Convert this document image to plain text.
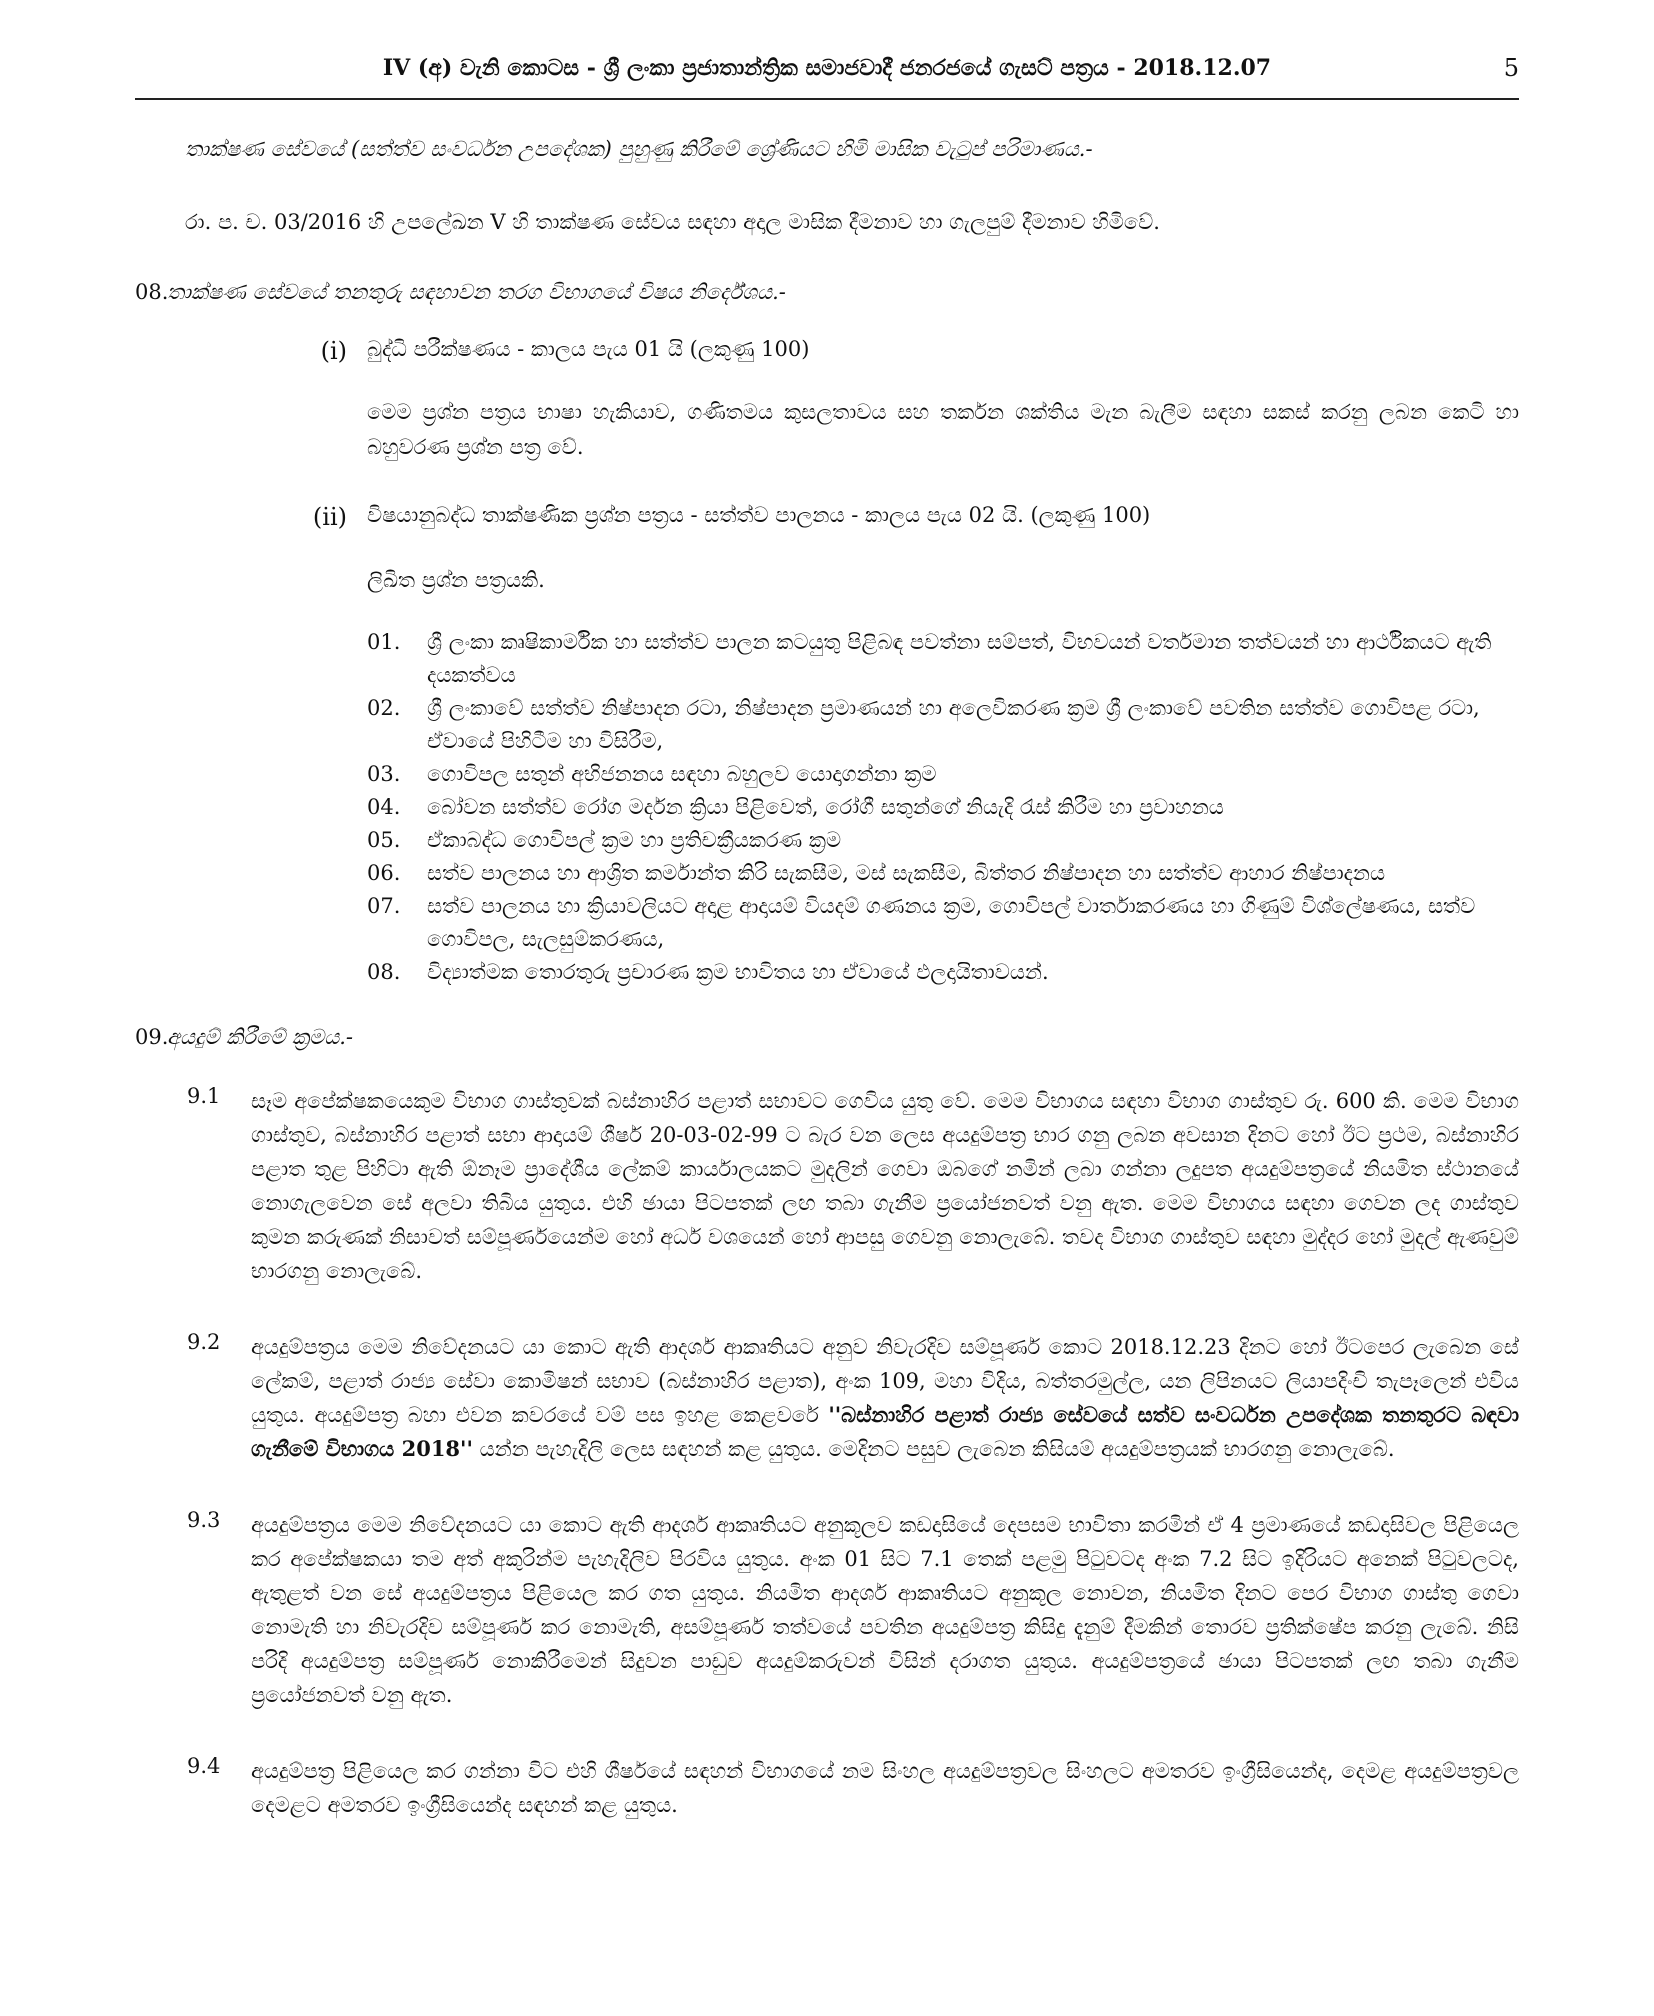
IV (අ) වැනි කොටස - ශ්‍රී ලංකා ප්‍රජාතාන්ත්‍රික සමාජවාදී ජනරජයේ ගැසට් පත්‍රය - 2018.12.07	5

තාක්ෂණ සේවයේ (සත්ත්ව සංවර්ධන උපදේශක) පුහුණු කිරීමේ ශ්‍රේණියට හිමි මාසික වැටුප් පරිමාණය.-

රා. ප. ච. 03/2016 හි උපලේඛන V හි තාක්ෂණ සේවය සඳහා අදාල මාසික දීමනාව හා ගැලපුම් දීමනාව හිමිවේ.

08.
තාක්ෂණ සේවයේ තනතුරු සඳහාවන තරග විභාගයේ විෂය නිර්දේශය.-
(i) බුද්ධි පරීක්ෂණය - කාලය පැය 01 යි (ලකුණු 100)

මෙම ප්‍රශ්න පත්‍රය භාෂා හැකියාව, ගණිතමය කුසලතාවය සහ තර්කන ශක්තිය මැන බැලීම සඳහා සකස් කරනු ලබන කෙටි හා බහුවරණ ප්‍රශ්න පත්‍ර වේ.

(ii) විෂයානුබද්ධ තාක්ෂණික ප්‍රශ්න පත්‍රය - සත්ත්ව පාලනය - කාලය පැය 02 යි. (ලකුණු 100)

ලිඛිත ප්‍රශ්න පත්‍රයකි.

01.	ශ්‍රී ලංකා කෘෂිකාර්මික හා සත්ත්ව පාලන කටයුතු පිළිබඳ පවත්නා සම්පත්, විභවයන් වර්තමාන තත්වයන් හා ආර්ථිකයට ඇති දයකත්වය
02.	ශ්‍රී ලංකාවේ සත්ත්ව නිෂ්පාදන රටා, නිෂ්පාදන ප්‍රමාණයන් හා අලෙවිකරණ ක්‍රම ශ්‍රී ලංකාවේ පවතින සත්ත්ව ගොවිපළ රටා, ඒවායේ පිහිටීම හා විසිරීම,
03.	ගොවිපල සතුන් අභිජනනය සඳහා බහුලව යොදාගන්නා ක්‍රම
04.	බෝවන සත්ත්ව රෝග මර්දන ක්‍රියා පිළිවෙත්, රෝගී සතුන්ගේ නියැදි රැස් කිරීම හා ප්‍රවාහනය
05.	ඒකාබද්ධ ගොවිපල් ක්‍රම හා ප්‍රතිචක්‍රීයකරණ ක්‍රම
06.	සත්ව පාලනය හා ආශ්‍රිත කර්මාන්ත කිරි සැකසීම, මස් සැකසීම, බිත්තර නිෂ්පාදන හා සත්ත්ව ආහාර නිෂ්පාදනය
07.	සත්ව පාලනය හා ක්‍රියාවලියට අදාළ ආදායම් වියදම් ගණනය ක්‍රම, ගොවිපල් වාර්තාකරණය හා ගිණුම් විශ්ලේෂණය, සත්ව ගොවිපල, සැලසුම්කරණය,
08.	විද්‍යාත්මක තොරතුරු ප්‍රචාරණ ක්‍රම භාවිතය හා ඒවායේ ඵලදායිතාවයන්.
09.
අයදුම් කිරීමේ ක්‍රමය.-
9.1	සෑම අපේක්ෂකයෙකුම විභාග ගාස්තුවක් බස්නාහිර පළාත් සභාවට ගෙවිය යුතු වේ. මෙම විභාගය සඳහා විභාග ගාස්තුව රු. 600 කි. මෙම විභාග ගාස්තුව, බස්නාහිර පළාත් සභා ආදායම් ශීර්ෂ 20-03-02-99 ට බැර වන ලෙස අයදුම්පත්‍ර භාර ගනු ලබන අවසාන දිනට හෝ ඊට ප්‍රථම, බස්නාහිර පළාත තුළ පිහිටා ඇති ඕනෑම ප්‍රාදේශීය ලේකම් කාර්යාලයකට මුදලින් ගෙවා ඔබගේ නමින් ලබා ගන්නා ලදුපත අයදුම්පත්‍රයේ නියමිත ස්ථානයේ නොගැලවෙන සේ අලවා තිබිය යුතුය. එහි ඡායා පිටපතක් ලඟ තබා ගැනීම ප්‍රයෝජනවත් වනු ඇත. මෙම විභාගය සඳහා ගෙවන ලද ගාස්තුව කුමන කරුණක් නිසාවත් සම්පූර්ණයෙන්ම හෝ අර්ධ වශයෙන් හෝ ආපසු ගෙවනු නොලැබේ. තවද විභාග ගාස්තුව සඳහා මුද්දර හෝ මුදල් ඇණවුම් භාරගනු නොලැබේ.
9.2	අයදුම්පත්‍රය මෙම නිවේදනයට යා කොට ඇති ආදර්ශ ආකෘතියට අනුව නිවැරදිව සම්පූර්ණ කොට 2018.12.23 දිනට හෝ ඊටපෙර ලැබෙන සේ ලේකම්, පළාත් රාජ්‍ය සේවා කොමිෂන් සභාව (බස්නාහිර පළාත), අංක 109, මහා විදිය, බත්තරමුල්ල, යන ලිපිනයට ලියාපදිංචි තැපෑලෙන් එවිය යුතුය. අයදුම්පත්‍ර බහා එවන කවරයේ වම් පස ඉහළ කෙළවරේ ''බස්නාහිර පළාත් රාජ්‍ය සේවයේ සත්ව සංවර්ධන උපදේශක තනතුරට බඳවා ගැනීමේ විභාගය 2018'' යන්න පැහැදිලි ලෙස සඳහන් කළ යුතුය. මෙදිනට පසුව ලැබෙන කිසියම් අයදුම්පත්‍රයක් භාරගනු නොලැබේ.
9.3	අයදුම්පත්‍රය මෙම නිවේදනයට යා කොට ඇති ආදර්ශ ආකෘතියට අනුකූලව කඩදාසියේ දෙපසම භාවිතා කරමින් ඒ 4 ප්‍රමාණයේ කඩදාසිවල පිළියෙල කර අපේක්ෂකයා තම අත් අකුරින්ම පැහැදිලිව පිරවිය යුතුය. අංක 01 සිට 7.1 තෙක් පළමු පිටුවටද අංක 7.2 සිට ඉදිරියට අනෙක් පිටුවලටද, ඇතුළත් වන සේ අයදුම්පත්‍රය පිළියෙල කර ගත යුතුය. නියමිත ආදර්ශ ආකෘතියට අනුකූල නොවන, නියමිත දිනට පෙර විභාග ගාස්තු ගෙවා නොමැති හා නිවැරදිව සම්පූර්ණ කර නොමැති, අසම්පූර්ණ තත්වයේ පවතින අයදුම්පත්‍ර කිසිදු දැනුම් දීමකින් තොරව ප්‍රතික්ෂේප කරනු ලැබේ. නිසි පරිදි අයදුම්පත්‍ර සම්පූර්ණ නොකිරීමෙන් සිදුවන පාඩුව අයදුම්කරුවන් විසින් දරාගත යුතුය. අයදුම්පත්‍රයේ ඡායා පිටපතක් ලඟ තබා ගැනීම ප්‍රයෝජනවත් වනු ඇත.
9.4	අයදුම්පත්‍ර පිළියෙල කර ගන්නා විට එහි ශීර්ෂයේ සඳහන් විභාගයේ නම සිංහල අයදුම්පත්‍රවල සිංහලට අමතරව ඉංග්‍රීසියෙන්ද, දෙමළ අයදුම්පත්‍රවල දෙමළට අමතරව ඉංග්‍රීසියෙන්ද සඳහන් කළ යුතුය.
